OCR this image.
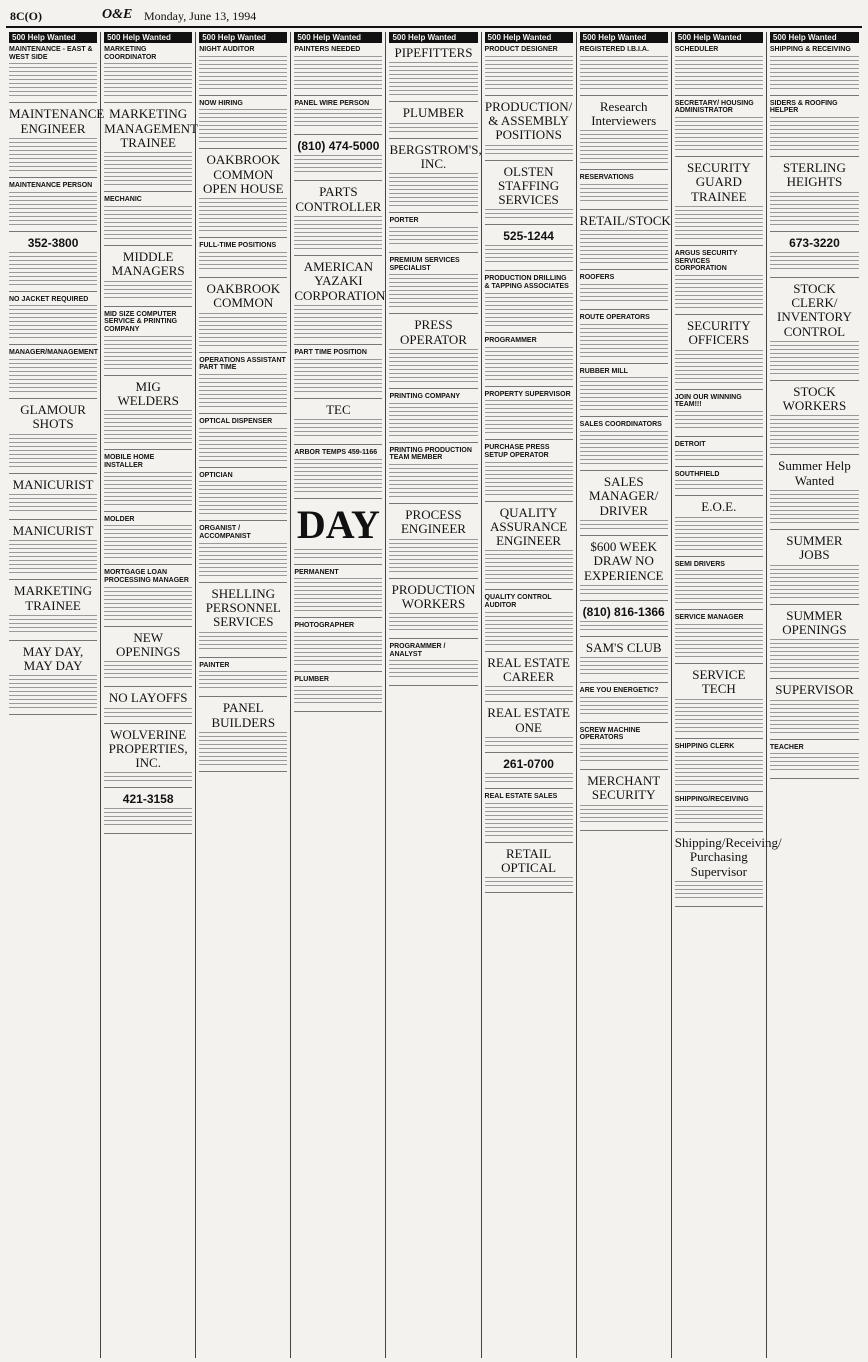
8C(O)	O&E Monday, June 13, 1994
500 Help Wanted
MAINTENANCE - EAST & WEST SIDE
MAINTENANCE ENGINEER
MAINTENANCE PERSON
352-3800
NO JACKET REQUIRED
MANAGER/MANAGEMENT
GLAMOUR SHOTS
MANICURIST
MANICURIST
MARKETING TRAINEE
MAY DAY, MAY DAY
500 Help Wanted
MARKETING COORDINATOR
MARKETING MANAGEMENT TRAINEE
MECHANIC
MIDDLE MANAGERS
MID SIZE COMPUTER SERVICE & PRINTING COMPANY
MIG WELDERS
MOBILE HOME INSTALLER
MOLDER
MORTGAGE LOAN PROCESSING MANAGER
NEW OPENINGS
NO LAYOFFS
WOLVERINE PROPERTIES, INC.
421-3158
500 Help Wanted
NIGHT AUDITOR
NOW HIRING
OAKBROOK COMMON OPEN HOUSE
FULL-TIME POSITIONS
OAKBROOK COMMON
OPERATIONS ASSISTANT PART TIME
OPTICAL DISPENSER
OPTICIAN
ORGANIST / ACCOMPANIST
SHELLING PERSONNEL SERVICES
PAINTER
PANEL BUILDERS
500 Help Wanted
PAINTERS NEEDED
PANEL WIRE PERSON
(810) 474-5000
PARTS CONTROLLER
AMERICAN YAZAKI CORPORATION
PART TIME POSITION
TEC
ARBOR TEMPS 459-1166
DAY
PERMANENT
PHOTOGRAPHER
PLUMBER
500 Help Wanted
PIPEFITTERS
PLUMBER
BERGSTROM'S, INC.
PORTER
PREMIUM SERVICES SPECIALIST
PRESS OPERATOR
PRINTING COMPANY
PRINTING PRODUCTION TEAM MEMBER
PROCESS ENGINEER
PRODUCTION WORKERS
PROGRAMMER / ANALYST
500 Help Wanted
PRODUCT DESIGNER
PRODUCTION/ & ASSEMBLY POSITIONS
OLSTEN STAFFING SERVICES
525-1244
PRODUCTION DRILLING & TAPPING ASSOCIATES
PROGRAMMER
PROPERTY SUPERVISOR
PURCHASE PRESS SETUP OPERATOR
QUALITY ASSURANCE ENGINEER
QUALITY CONTROL AUDITOR
REAL ESTATE CAREER
REAL ESTATE ONE
261-0700
REAL ESTATE SALES
RETAIL OPTICAL
500 Help Wanted
REGISTERED I.B.I.A.
Research Interviewers
RESERVATIONS
RETAIL/STOCK
ROOFERS
ROUTE OPERATORS
RUBBER MILL
SALES COORDINATORS
SALES MANAGER/ DRIVER
$600 WEEK DRAW NO EXPERIENCE
(810) 816-1366
SAM'S CLUB
ARE YOU ENERGETIC?
SCREW MACHINE OPERATORS
MERCHANT SECURITY
500 Help Wanted
SCHEDULER
SECRETARY/ HOUSING ADMINISTRATOR
SECURITY GUARD TRAINEE
ARGUS SECURITY SERVICES CORPORATION
SECURITY OFFICERS
JOIN OUR WINNING TEAM!!!
DETROIT
SOUTHFIELD
E.O.E.
SEMI DRIVERS
SERVICE MANAGER
SERVICE TECH
SHIPPING CLERK
SHIPPING/RECEIVING
Shipping/Receiving/ Purchasing Supervisor
500 Help Wanted
SHIPPING & RECEIVING
SIDERS & ROOFING HELPER
STERLING HEIGHTS
673-3220
STOCK CLERK/ INVENTORY CONTROL
STOCK WORKERS
Summer Help Wanted
SUMMER JOBS
SUMMER OPENINGS
SUPERVISOR
TEACHER
